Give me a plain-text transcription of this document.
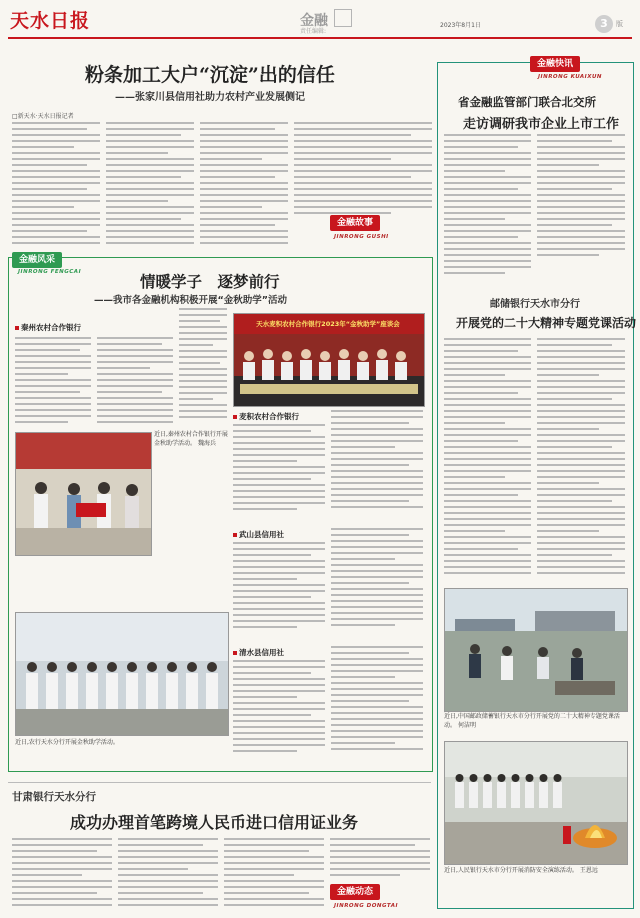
天水日报	金融
责任编辑:
2023年8月1日	3	版
粉条加工大户“沉淀”出的信任
——张家川县信用社助力农村产业发展侧记
□新天水·天水日报记者
金融故事
JINRONG GUSHI
金融快讯
JINRONG KUAIXUN
省金融监管部门联合北交所
走访调研我市企业上市工作
邮储银行天水市分行
开展党的二十大精神专题党课活动
近日,中国邮政储蓄银行天水市分行开展党的二十大精神专题党课活动。 何洁明
近日,人民银行天水市分行开展消防安全演练活动。 王恩远
金融风采
JINRONG FENGCAI	情暖学子　逐梦前行
——我市各金融机构积极开展“金秋助学”活动
秦州农村合作银行	天水麦积农村合作银行2023年“金秋助学”座谈会
近日,秦州农村合作银行开展金秋助学活动。 魏海兵
近日,农行天水分行开展金秋助学活动。
麦积农村合作银行
武山县信用社
清水县信用社
甘肃银行天水分行
成功办理首笔跨境人民币进口信用证业务
金融动态
JINRONG DONGTAI
